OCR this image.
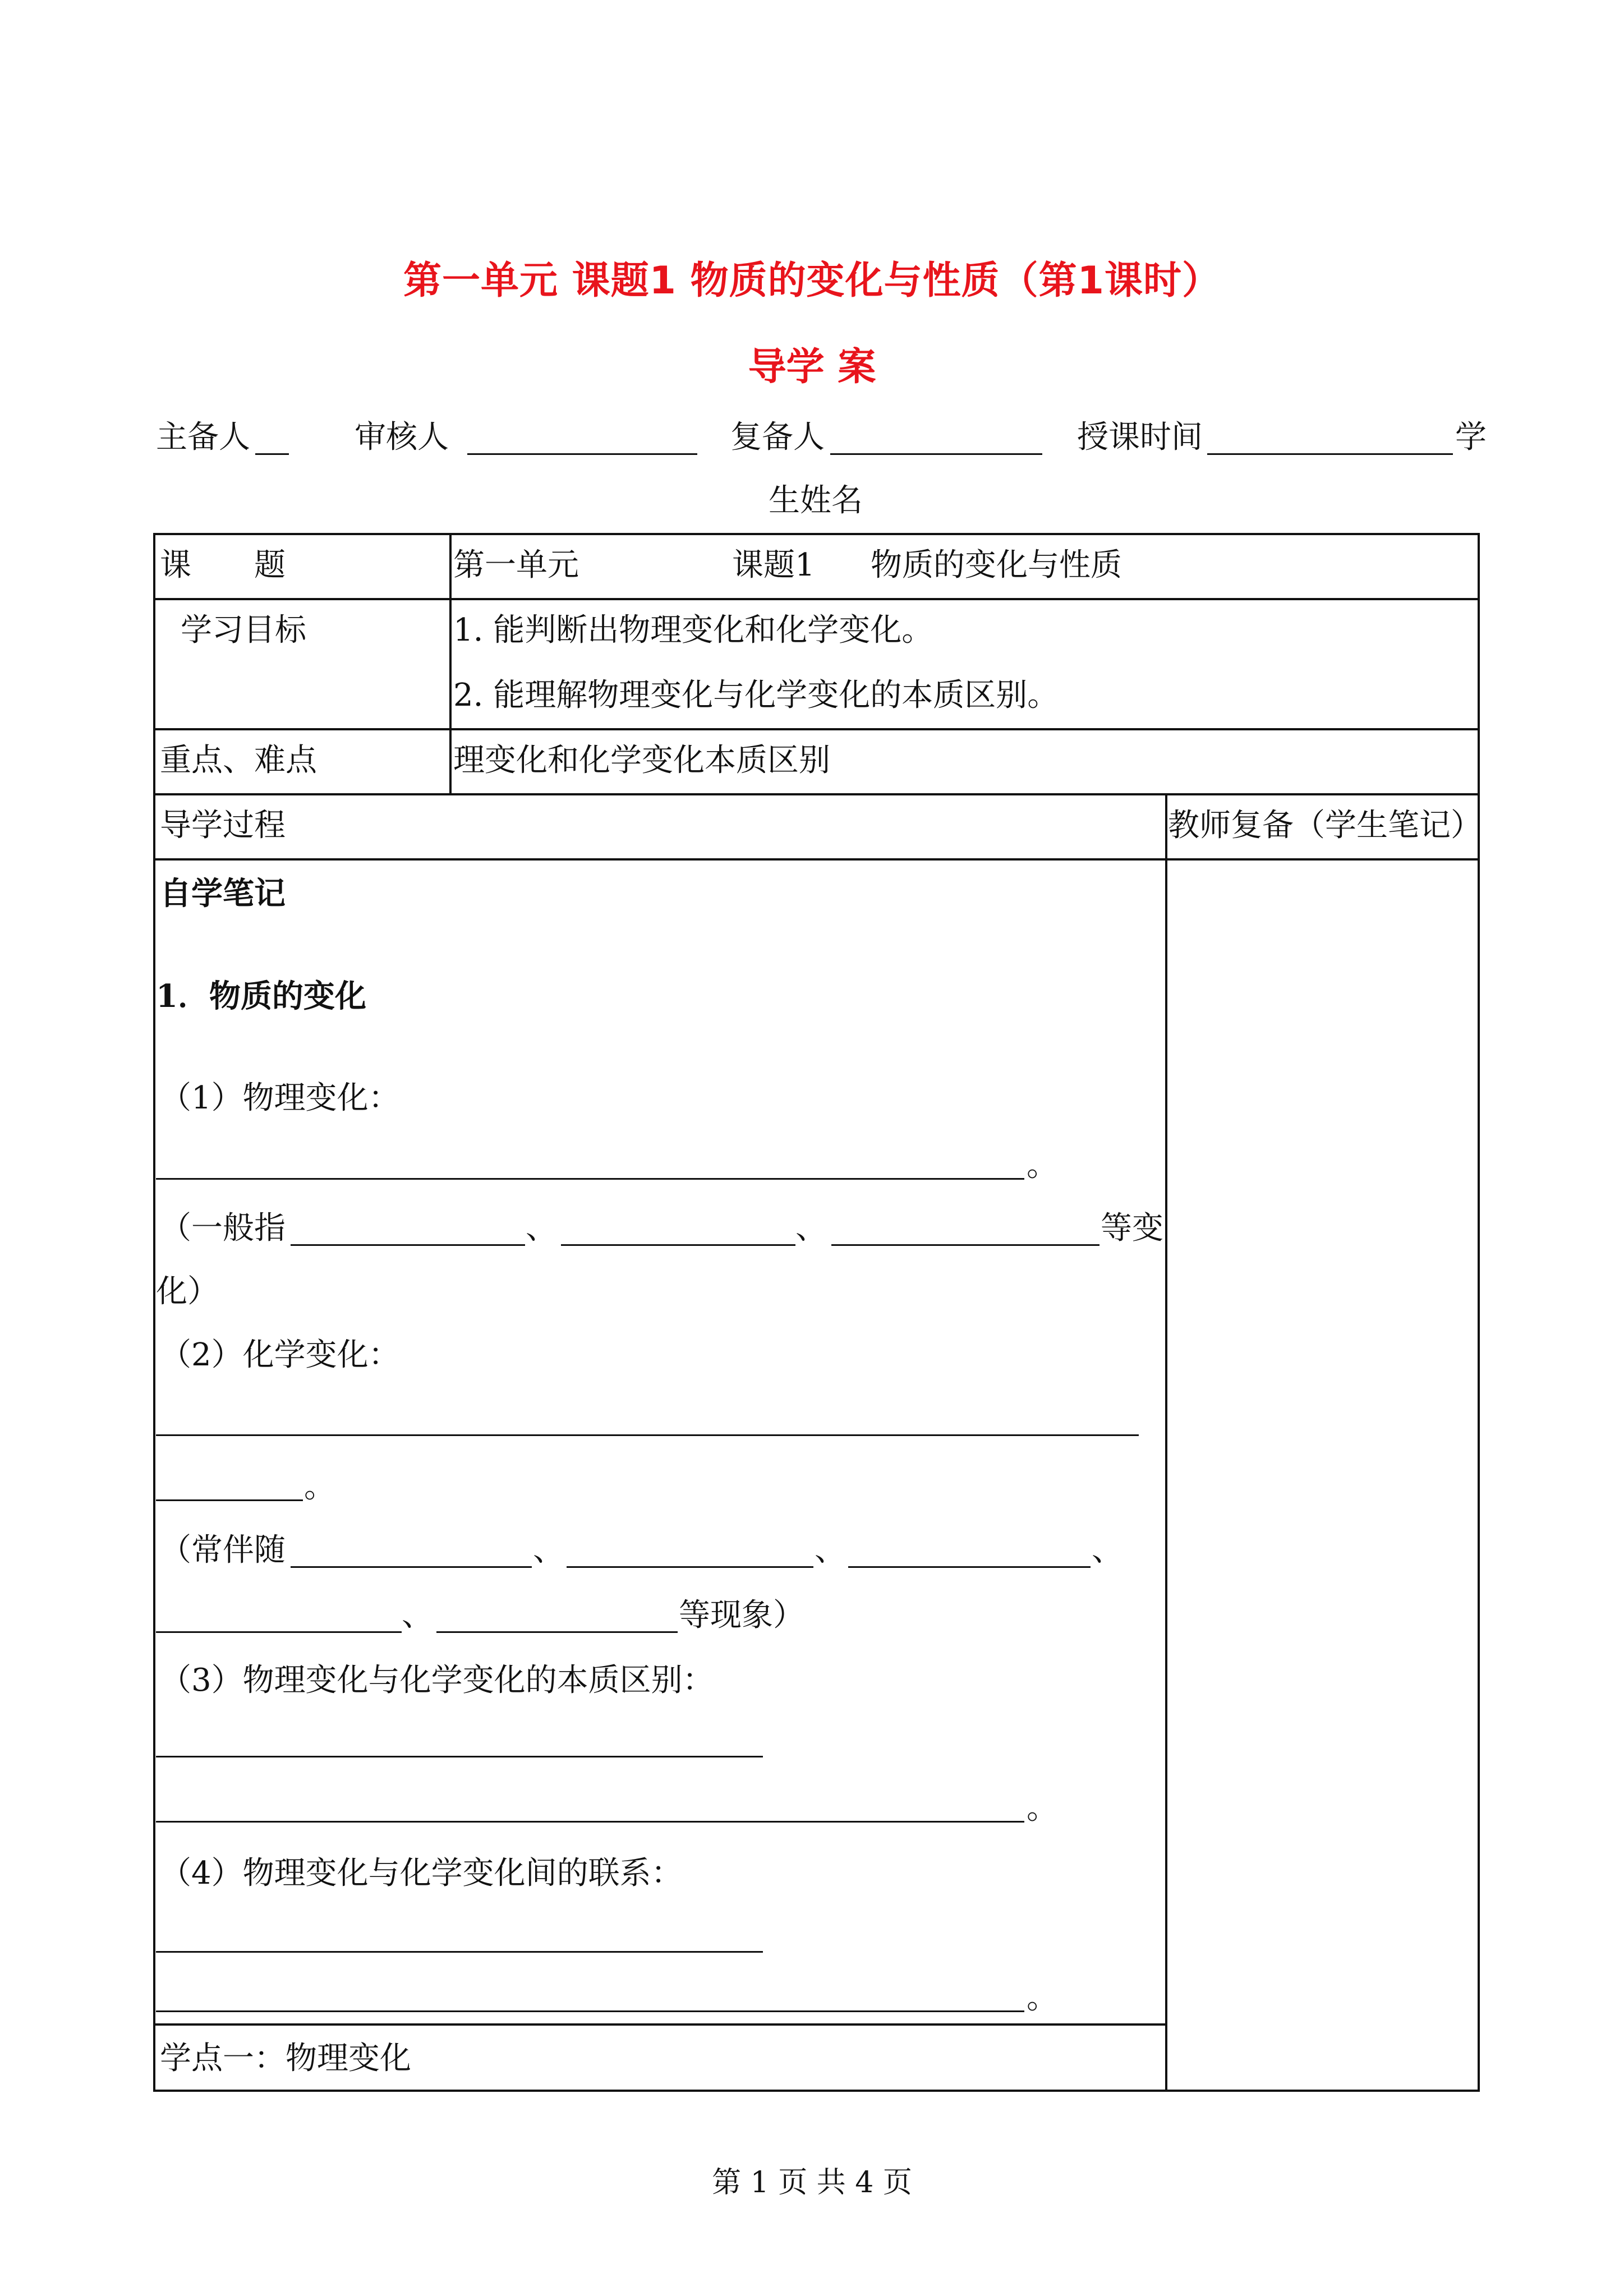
第一单元 课题1 物质的变化与性质（第1课时）
导学 案
主备人	审核人	复备人	授课时间	学
生姓名
课　　题	第一单元	课题1 物质的变化与性质
学习目标	1. 能判断出物理变化和化学变化。
2. 能理解物理变化与化学变化的本质区别。
重点、难点	理变化和化学变化本质区别
导学过程	教师复备（学生笔记）
自学笔记
1．物质的变化
（1）物理变化：
。
（一般指	、	、	等变
化）
（2）化学变化：
。
（常伴随	、	、	、
、	等现象）
（3）物理变化与化学变化的本质区别：
。
（4）物理变化与化学变化间的联系：
。
学点一：物理变化
第 1 页 共 4 页
